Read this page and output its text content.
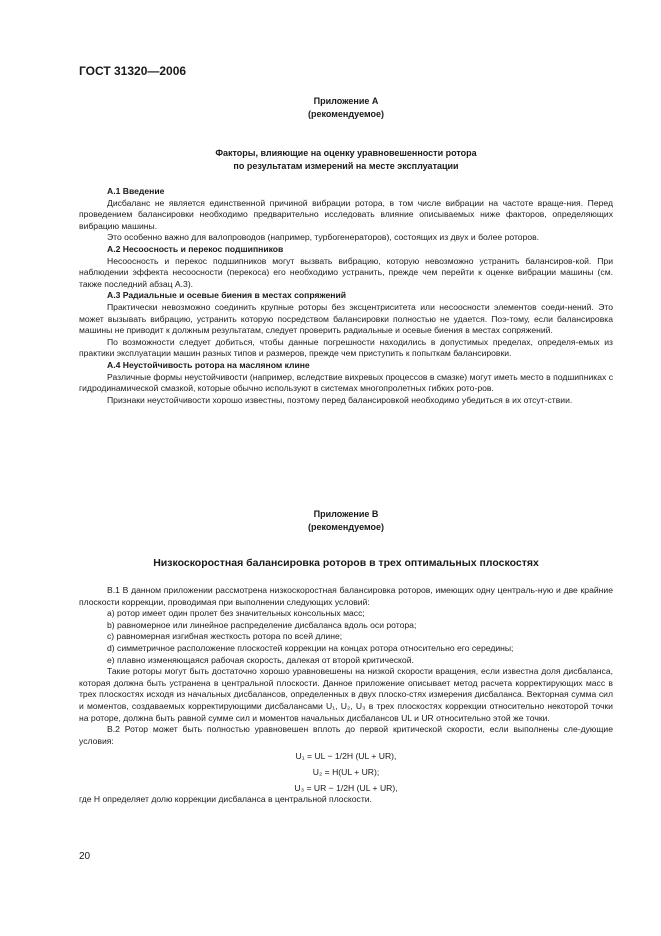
ГОСТ 31320—2006
Приложение А
(рекомендуемое)
Факторы, влияющие на оценку уравновешенности ротора
по результатам измерений на месте эксплуатации

А.1 Введение

Дисбаланс не является единственной причиной вибрации ротора, в том числе вибрации на частоте враще-ния. Перед проведением балансировки необходимо предварительно исследовать влияние описываемых ниже факторов, определяющих вибрацию машины.

Это особенно важно для валопроводов (например, турбогенераторов), состоящих из двух и более роторов.

А.2 Несоосность и перекос подшипников

Несоосность и перекос подшипников могут вызвать вибрацию, которую невозможно устранить балансиров-кой. При наблюдении эффекта несоосности (перекоса) его необходимо устранить, прежде чем перейти к оценке вибрации машины (см. также последний абзац А.3).

А.3 Радиальные и осевые биения в местах сопряжений

Практически невозможно соединить крупные роторы без эксцентриситета или несоосности элементов соеди-нений. Это может вызывать вибрацию, устранить которую посредством балансировки полностью не удается. Поэ-тому, если балансировка машины не приводит к должным результатам, следует проверить радиальные и осевые биения в местах сопряжений.

По возможности следует добиться, чтобы данные погрешности находились в допустимых пределах, определя-емых из практики эксплуатации машин разных типов и размеров, прежде чем приступить к попыткам балансировки.

А.4 Неустойчивость ротора на масляном клине

Различные формы неустойчивости (например, вследствие вихревых процессов в смазке) могут иметь место в подшипниках с гидродинамической смазкой, которые обычно используют в системах многопролетных гибких рото-ров.

Признаки неустойчивости хорошо известны, поэтому перед балансировкой необходимо убедиться в их отсут-ствии.

Приложение В
(рекомендуемое)
Низкоскоростная балансировка роторов в трех оптимальных плоскостях

В.1 В данном приложении рассмотрена низкоскоростная балансировка роторов, имеющих одну централь-ную и две крайние плоскости коррекции, проводимая при выполнении следующих условий:

a) ротор имеет один пролет без значительных консольных масс;

b) равномерное или линейное распределение дисбаланса вдоль оси ротора;

c) равномерная изгибная жесткость ротора по всей длине;

d) симметричное расположение плоскостей коррекции на концах ротора относительно его середины;

e) плавно изменяющаяся рабочая скорость, далекая от второй критической.

Такие роторы могут быть достаточно хорошо уравновешены на низкой скорости вращения, если известна доля дисбаланса, которая должна быть устранена в центральной плоскости. Данное приложение описывает метод расчета корректирующих масс в трех плоскостях исходя из начальных дисбалансов, определенных в двух плоско-стях измерения дисбаланса. Векторная сумма сил и моментов, создаваемых корректирующими дисбалансами U₁, U₂, U₃ в трех плоскостях коррекции относительно некоторой точки на роторе, должна быть равной сумме сил и моментов начальных дисбалансов UL и UR относительно этой же точки.

В.2 Ротор может быть полностью уравновешен вплоть до первой критической скорости, если выполнены сле-дующие условия:

U₁ = UL − 1/2H (UL + UR),

U₂ = H(UL + UR);

U₃ = UR − 1/2H (UL + UR),

где H определяет долю коррекции дисбаланса в центральной плоскости.

20
